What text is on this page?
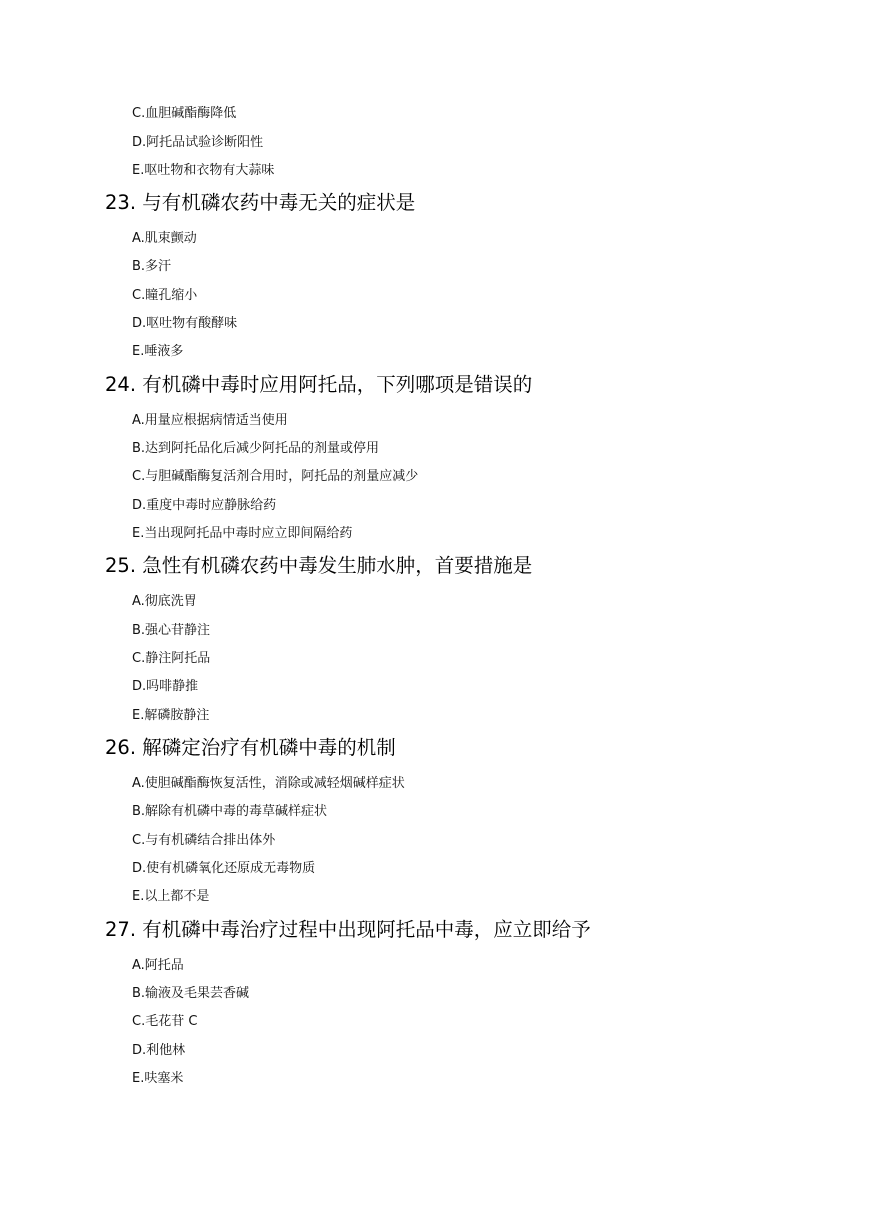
C.血胆碱酯酶降低
D.阿托品试验诊断阳性
E.呕吐物和衣物有大蒜味
23. 与有机磷农药中毒无关的症状是
A.肌束颤动
B.多汗
C.瞳孔缩小
D.呕吐物有酸酵味
E.唾液多
24. 有机磷中毒时应用阿托品，下列哪项是错误的
A.用量应根据病情适当使用
B.达到阿托品化后减少阿托品的剂量或停用
C.与胆碱酯酶复活剂合用时，阿托品的剂量应减少
D.重度中毒时应静脉给药
E.当出现阿托品中毒时应立即间隔给药
25. 急性有机磷农药中毒发生肺水肿，首要措施是
A.彻底洗胃
B.强心苷静注
C.静注阿托品
D.吗啡静推
E.解磷胺静注
26. 解磷定治疗有机磷中毒的机制
A.使胆碱酯酶恢复活性，消除或减轻烟碱样症状
B.解除有机磷中毒的毒草碱样症状
C.与有机磷结合排出体外
D.使有机磷氧化还原成无毒物质
E.以上都不是
27. 有机磷中毒治疗过程中出现阿托品中毒，应立即给予
A.阿托品
B.输液及毛果芸香碱
C.毛花苷 C
D.利他林
E.呋塞米
